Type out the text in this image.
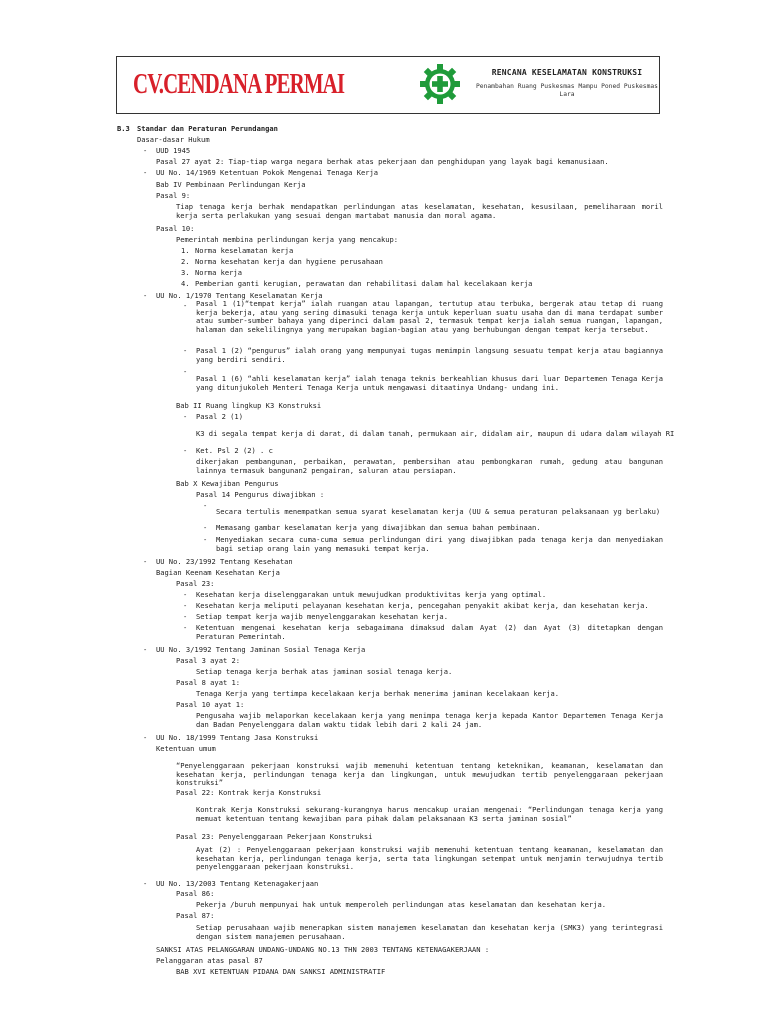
CV.CENDANA PERMAI	RENCANA KESELAMATAN KONSTRUKSI
Penambahan Ruang Puskesmas Mampu Poned Puskesmas Lara
B.3 Standar dan Peraturan Perundangan
Dasar-dasar Hukum
- UUD 1945
Pasal 27 ayat 2: Tiap-tiap warga negara berhak atas pekerjaan dan penghidupan yang layak bagi kemanusiaan.
- UU No. 14/1969 Ketentuan Pokok Mengenai Tenaga Kerja
Bab IV Pembinaan Perlindungan Kerja
Pasal 9:
Tiap tenaga kerja berhak mendapatkan perlindungan atas keselamatan, kesehatan, kesusilaan, pemeliharaan moril kerja serta perlakukan yang sesuai dengan martabat manusia dan moral agama.
Pasal 10:
Pemerintah membina perlindungan kerja yang mencakup:
1. Norma keselamatan kerja
2. Norma kesehatan kerja dan hygiene perusahaan
3. Norma kerja
4. Pemberian ganti kerugian, perawatan dan rehabilitasi dalam hal kecelakaan kerja
- UU No. 1/1970 Tentang Keselamatan Kerja
- Pasal 1 (1)“tempat kerja” ialah ruangan atau lapangan, tertutup atau terbuka, bergerak atau tetap di ruang kerja bekerja, atau yang sering dimasuki tenaga kerja untuk keperluan suatu usaha dan di mana terdapat sumber atau sumber-sumber bahaya yang diperinci dalam pasal 2, termasuk tempat kerja ialah semua ruangan, lapangan, halaman dan sekelilingnya yang merupakan bagian-bagian atau yang berhubungan dengan tempat kerja tersebut.
- Pasal 1 (2) “pengurus” ialah orang yang mempunyai tugas memimpin langsung sesuatu tempat kerja atau bagiannya yang berdiri sendiri.
-
Pasal 1 (6) “ahli keselamatan kerja” ialah tenaga teknis berkeahlian khusus dari luar Departemen Tenaga Kerja yang ditunjukoleh Menteri Tenaga Kerja untuk mengawasi ditaatinya Undang- undang ini.
Bab II Ruang lingkup K3 Konstruksi
- Pasal 2 (1)
K3 di segala tempat kerja di darat, di dalam tanah, permukaan air, didalam air, maupun di udara dalam wilayah RI
- Ket. Psl 2 (2) . c
dikerjakan pembangunan, perbaikan, perawatan, pembersihan atau pembongkaran rumah, gedung atau bangunan lainnya termasuk bangunan2 pengairan, saluran atau persiapan.
Bab X Kewajiban Pengurus
Pasal 14 Pengurus diwajibkan :
-
Secara tertulis menempatkan semua syarat keselamatan kerja (UU & semua peraturan pelaksanaan yg berlaku)
- Memasang gambar keselamatan kerja yang diwajibkan dan semua bahan pembinaan.
- Menyediakan secara cuma-cuma semua perlindungan diri yang diwajibkan pada tenaga kerja dan menyediakan bagi setiap orang lain yang memasuki tempat kerja.
- UU No. 23/1992 Tentang Kesehatan
Bagian Keenam Kesehatan Kerja
Pasal 23:
- Kesehatan kerja diselenggarakan untuk mewujudkan produktivitas kerja yang optimal.
- Kesehatan kerja meliputi pelayanan kesehatan kerja, pencegahan penyakit akibat kerja, dan kesehatan kerja.
- Setiap tempat kerja wajib menyelenggarakan kesehatan kerja.
- Ketentuan mengenai kesehatan kerja sebagaimana dimaksud dalam Ayat (2) dan Ayat (3) ditetapkan dengan Peraturan Pemerintah.
- UU No. 3/1992 Tentang Jaminan Sosial Tenaga Kerja
Pasal 3 ayat 2:
Setiap tenaga kerja berhak atas jaminan sosial tenaga kerja.
Pasal 8 ayat 1:
Tenaga Kerja yang tertimpa kecelakaan kerja berhak menerima jaminan kecelakaan kerja.
Pasal 10 ayat 1:
Pengusaha wajib melaporkan kecelakaan kerja yang menimpa tenaga kerja kepada Kantor Departemen Tenaga Kerja dan Badan Penyelenggara dalam waktu tidak lebih dari 2 kali 24 jam.
- UU No. 18/1999 Tentang Jasa Konstruksi
Ketentuan umum
“Penyelenggaraan pekerjaan konstruksi wajib memenuhi ketentuan tentang keteknikan, keamanan, keselamatan dan kesehatan kerja, perlindungan tenaga kerja dan lingkungan, untuk mewujudkan tertib penyelenggaraan pekerjaan konstruksi”
Pasal 22: Kontrak kerja Konstruksi
Kontrak Kerja Konstruksi sekurang-kurangnya harus mencakup uraian mengenai: “Perlindungan tenaga kerja yang memuat ketentuan tentang kewajiban para pihak dalam pelaksanaan K3 serta jaminan sosial”
Pasal 23: Penyelenggaraan Pekerjaan Konstruksi
Ayat (2) : Penyelenggaraan pekerjaan konstruksi wajib memenuhi ketentuan tentang keamanan, keselamatan dan kesehatan kerja, perlindungan tenaga kerja, serta tata lingkungan setempat untuk menjamin terwujudnya tertib penyelenggaraan pekerjaan konstruksi.
- UU No. 13/2003 Tentang Ketenagakerjaan
Pasal 86:
Pekerja /buruh mempunyai hak untuk memperoleh perlindungan atas keselamatan dan kesehatan kerja.
Pasal 87:
Setiap perusahaan wajib menerapkan sistem manajemen keselamatan dan kesehatan kerja (SMK3) yang terintegrasi dengan sistem manajemen perusahaan.
SANKSI ATAS PELANGGARAN UNDANG-UNDANG NO.13 THN 2003 TENTANG KETENAGAKERJAAN :
Pelanggaran atas pasal 87
BAB XVI KETENTUAN PIDANA DAN SANKSI ADMINISTRATIF
